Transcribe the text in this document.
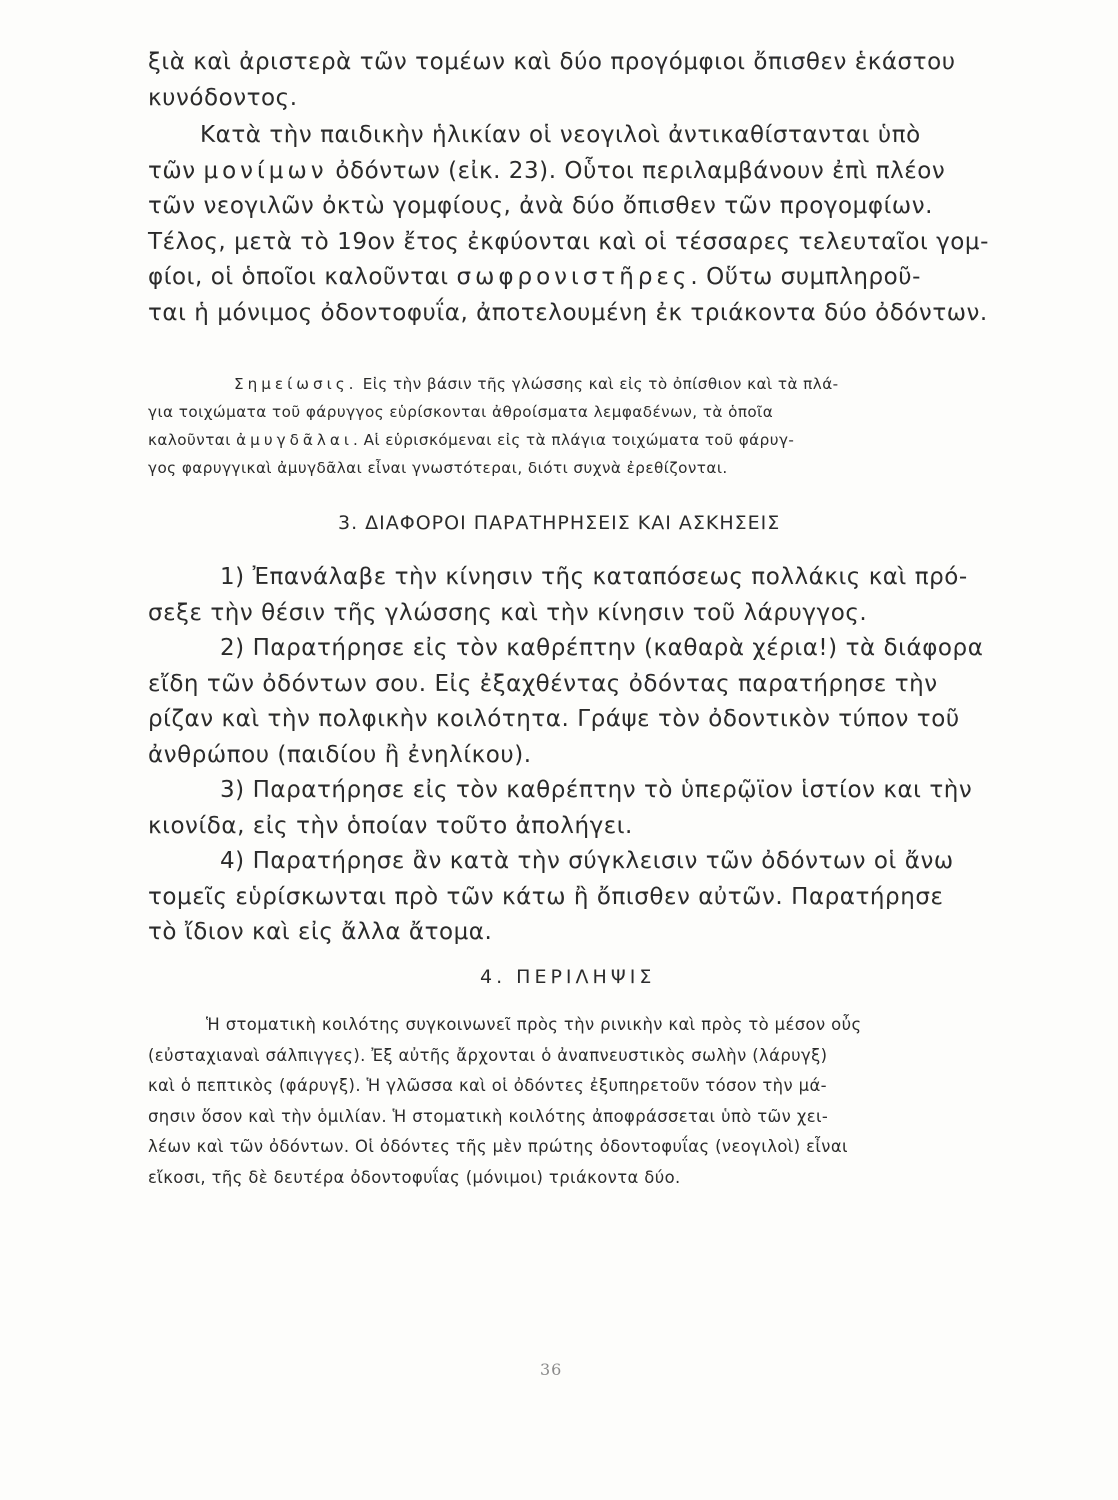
ξιὰ καὶ ἀριστερὰ τῶν τομέων καὶ δύο προγόμφιοι ὄπισθεν ἑκάστου
κυνόδοντος.
Κατὰ τὴν παιδικὴν ἡλικίαν οἱ νεογιλοὶ ἀντικαθίστανται ὑπὸ
τῶν μονίμων ὀδόντων (εἰκ. 23). Οὗτοι περιλαμβάνουν ἐπὶ πλέον
τῶν νεογιλῶν ὀκτὼ γομφίους, ἀνὰ δύο ὄπισθεν τῶν προγομφίων.
Τέλος, μετὰ τὸ 19ον ἔτος ἐκφύονται καὶ οἱ τέσσαρες τελευταῖοι γομ-
φίοι, οἱ ὁποῖοι καλοῦνται σωφρονιστῆρες. Οὕτω συμπληροῦ-
ται ἡ μόνιμος ὀδοντοφυΐα, ἀποτελουμένη ἐκ τριάκοντα δύο ὀδόντων.
Σημείωσις. Εἰς τὴν βάσιν τῆς γλώσσης καὶ εἰς τὸ ὀπίσθιον καὶ τὰ πλά-
για τοιχώματα τοῦ φάρυγγος εὑρίσκονται ἀθροίσματα λεμφαδένων, τὰ ὁποῖα
καλοῦνται ἀμυγδᾶλαι. Αἱ εὑρισκόμεναι εἰς τὰ πλάγια τοιχώματα τοῦ φάρυγ-
γος φαρυγγικαὶ ἀμυγδᾶλαι εἶναι γνωστότεραι, διότι συχνὰ ἐρεθίζονται.
3. ΔΙΑΦΟΡΟΙ ΠΑΡΑΤΗΡΗΣΕΙΣ ΚΑΙ ΑΣΚΗΣΕΙΣ
1) Ἐπανάλαβε τὴν κίνησιν τῆς καταπόσεως πολλάκις καὶ πρό-
σεξε τὴν θέσιν τῆς γλώσσης καὶ τὴν κίνησιν τοῦ λάρυγγος.
2) Παρατήρησε εἰς τὸν καθρέπτην (καθαρὰ χέρια!) τὰ διάφορα
εἴδη τῶν ὀδόντων σου. Εἰς ἐξαχθέντας ὀδόντας παρατήρησε τὴν
ρίζαν καὶ τὴν πολφικὴν κοιλότητα. Γράψε τὸν ὀδοντικὸν τύπον τοῦ
ἀνθρώπου (παιδίου ἢ ἐνηλίκου).
3) Παρατήρησε εἰς τὸν καθρέπτην τὸ ὑπερῷϊον ἱστίον και τὴν
κιονίδα, εἰς τὴν ὁποίαν τοῦτο ἀπολήγει.
4) Παρατήρησε ἂν κατὰ τὴν σύγκλεισιν τῶν ὀδόντων οἱ ἄνω
τομεῖς εὑρίσκωνται πρὸ τῶν κάτω ἢ ὄπισθεν αὐτῶν. Παρατήρησε
τὸ ἴδιον καὶ εἰς ἄλλα ἄτομα.
4. ΠΕΡΙΛΗΨΙΣ
Ἡ στοματικὴ κοιλότης συγκοινωνεῖ πρὸς τὴν ρινικὴν καὶ πρὸς τὸ μέσον οὖς
(εὐσταχιαναὶ σάλπιγγες). Ἐξ αὐτῆς ἄρχονται ὁ ἀναπνευστικὸς σωλὴν (λάρυγξ)
καὶ ὁ πεπτικὸς (φάρυγξ). Ἡ γλῶσσα καὶ οἱ ὀδόντες ἐξυπηρετοῦν τόσον τὴν μά-
σησιν ὅσον καὶ τὴν ὁμιλίαν. Ἡ στοματικὴ κοιλότης ἀποφράσσεται ὑπὸ τῶν χει-
λέων καὶ τῶν ὀδόντων. Οἱ ὀδόντες τῆς μὲν πρώτης ὀδοντοφυΐας (νεογιλοὶ) εἶναι
εἴκοσι, τῆς δὲ δευτέρα ὀδοντοφυΐας (μόνιμοι) τριάκοντα δύο.
36
